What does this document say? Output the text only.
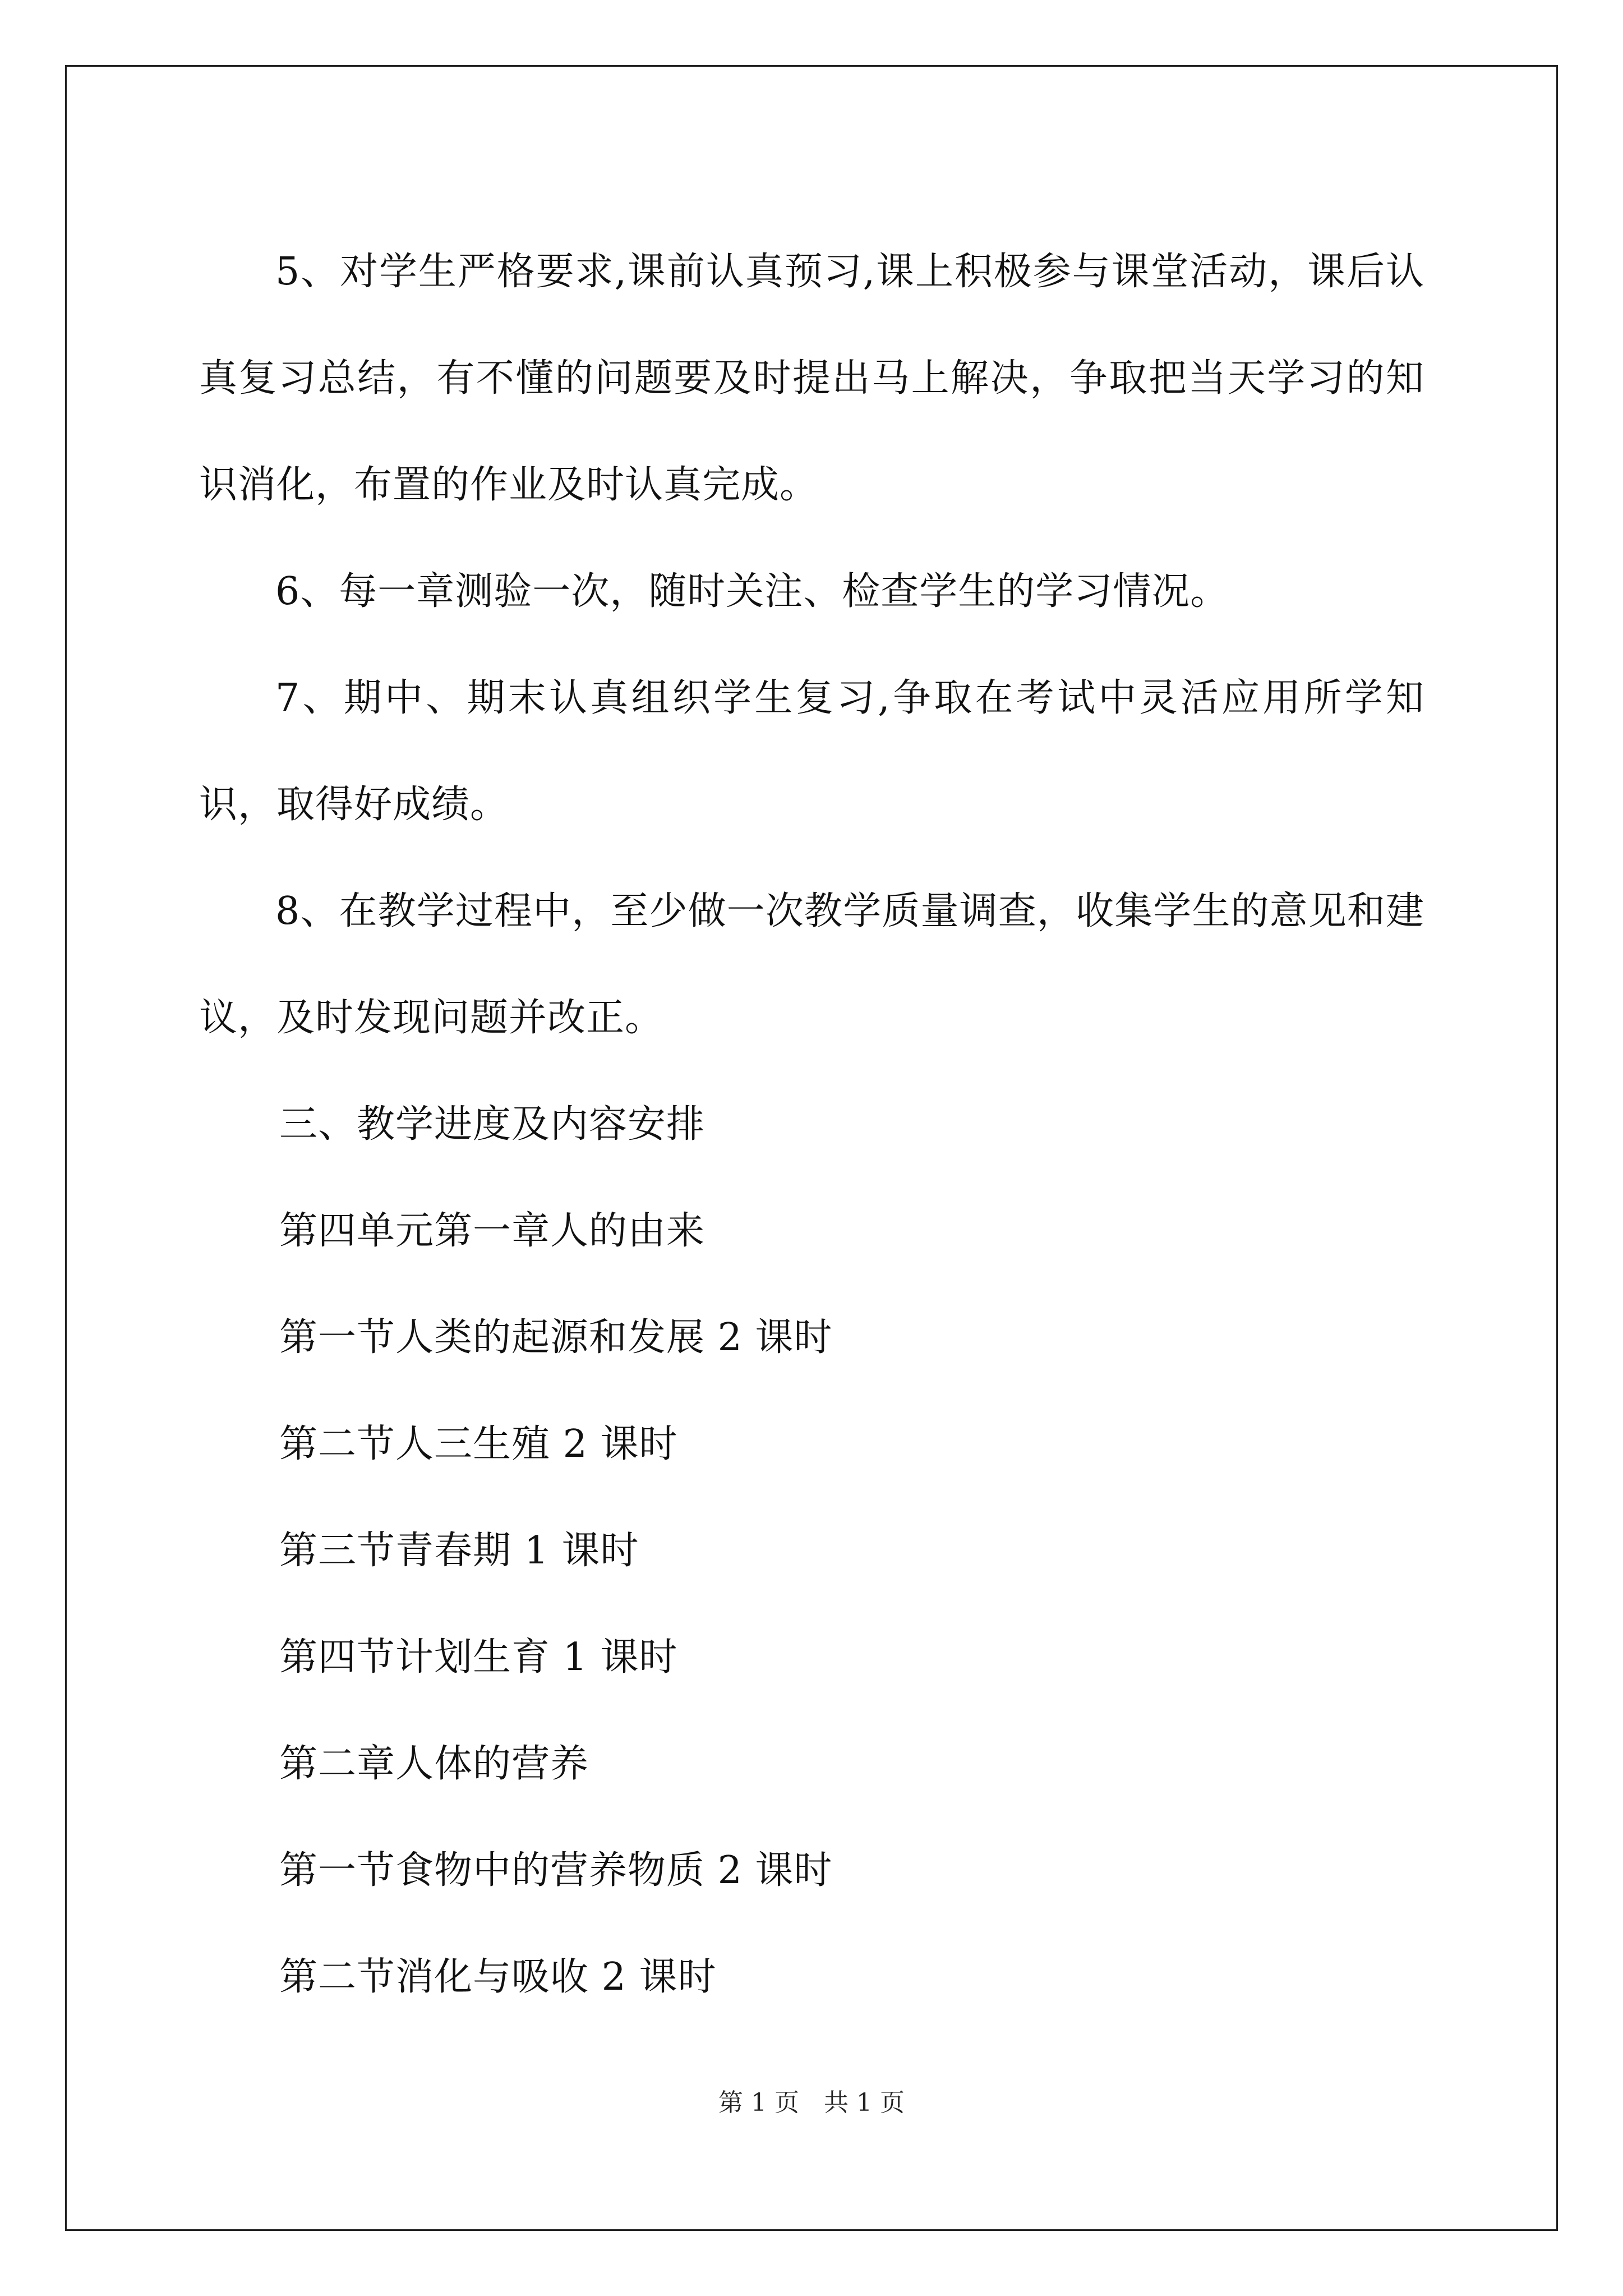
5、对学生严格要求,课前认真预习,课上积极参与课堂活动，课后认真复习总结，有不懂的问题要及时提出马上解决，争取把当天学习的知识消化，布置的作业及时认真完成。

6、每一章测验一次，随时关注、检查学生的学习情况。

7、期中、期末认真组织学生复习,争取在考试中灵活应用所学知识，取得好成绩。

8、在教学过程中，至少做一次教学质量调查，收集学生的意见和建议，及时发现问题并改正。

三、教学进度及内容安排

第四单元第一章人的由来

第一节人类的起源和发展 2 课时

第二节人三生殖 2 课时

第三节青春期 1 课时

第四节计划生育 1 课时

第二章人体的营养

第一节食物中的营养物质 2 课时

第二节消化与吸收 2 课时

第 1 页　共 1 页
